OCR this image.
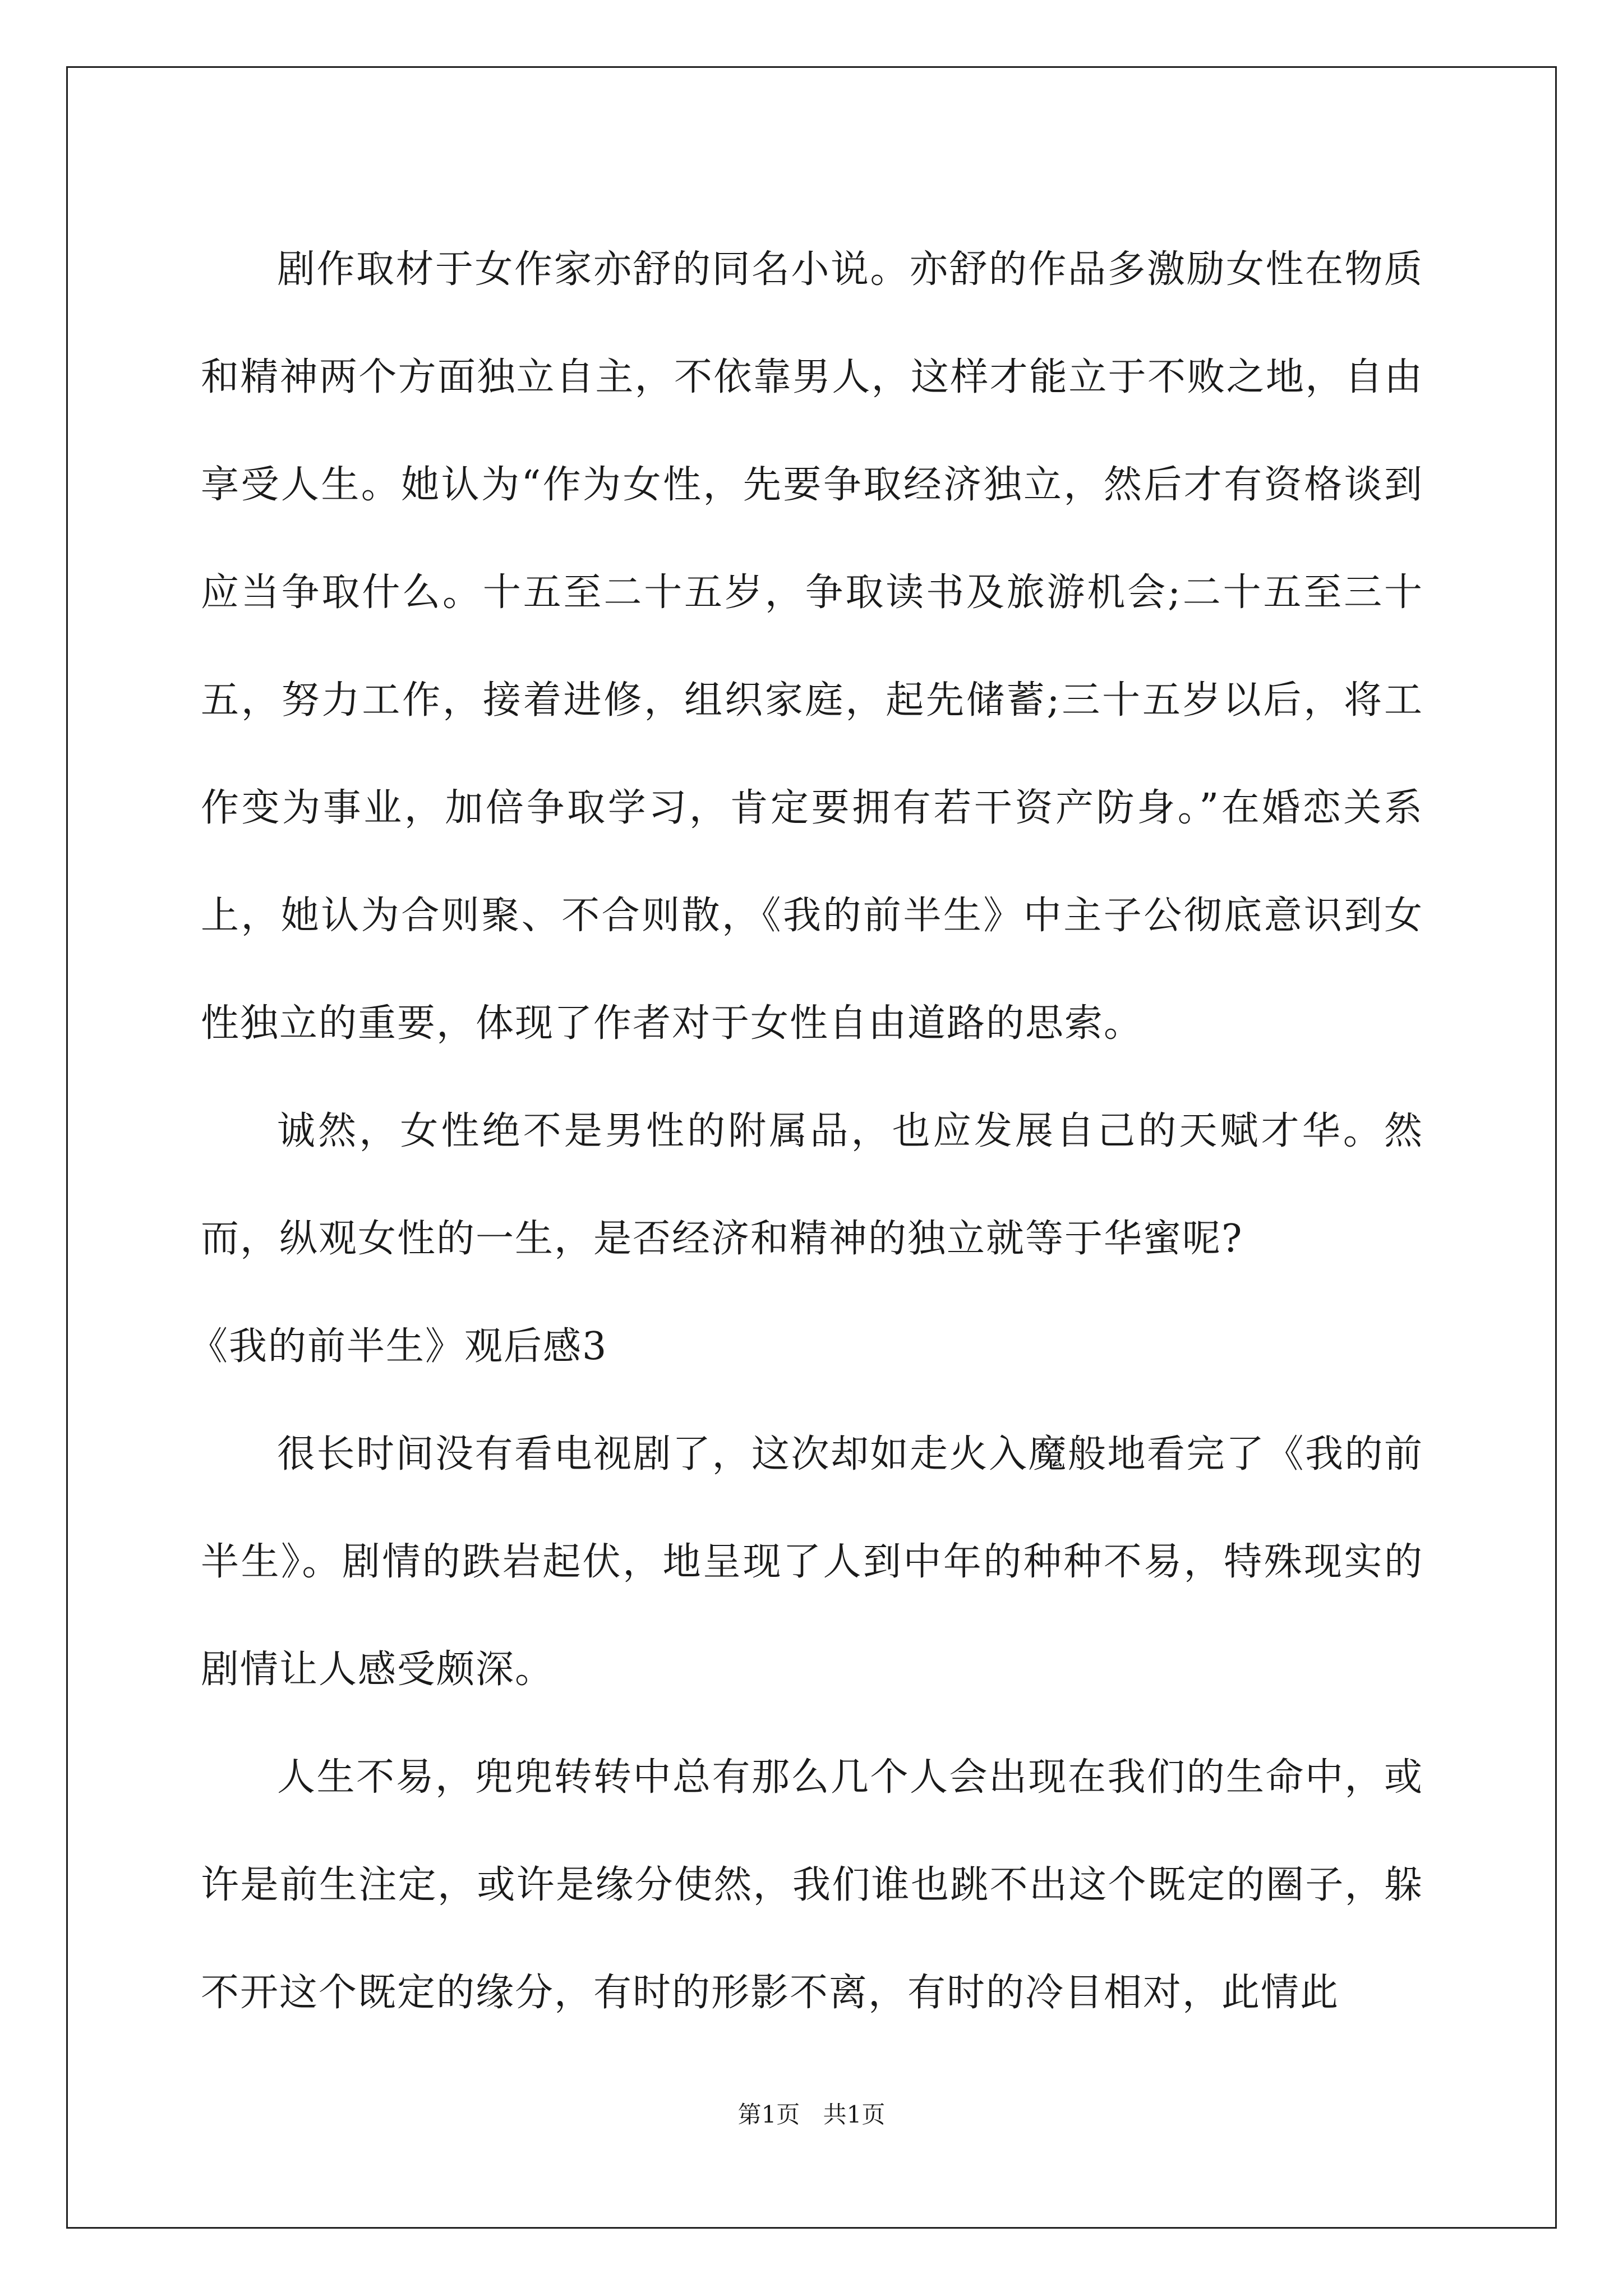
剧作取材于女作家亦舒的同名小说。亦舒的作品多激励女性在物质和精神两个方面独立自主，不依靠男人，这样才能立于不败之地，自由享受人生。她认为“作为女性，先要争取经济独立，然后才有资格谈到应当争取什么。十五至二十五岁，争取读书及旅游机会;二十五至三十五，努力工作，接着进修，组织家庭，起先储蓄;三十五岁以后，将工作变为事业，加倍争取学习，肯定要拥有若干资产防身。”在婚恋关系上，她认为合则聚、不合则散，《我的前半生》中主子公彻底意识到女性独立的重要，体现了作者对于女性自由道路的思索。

诚然，女性绝不是男性的附属品，也应发展自己的天赋才华。然而，纵观女性的一生，是否经济和精神的独立就等于华蜜呢?

《我的前半生》观后感3

很长时间没有看电视剧了，这次却如走火入魔般地看完了《我的前半生》。剧情的跌岩起伏，地呈现了人到中年的种种不易，特殊现实的剧情让人感受颇深。

人生不易，兜兜转转中总有那么几个人会出现在我们的生命中，或许是前生注定，或许是缘分使然，我们谁也跳不出这个既定的圈子，躲不开这个既定的缘分，有时的形影不离，有时的冷目相对，此情此

第1页 共1页
